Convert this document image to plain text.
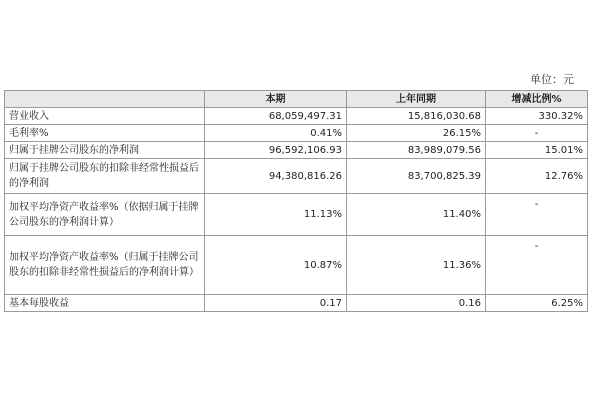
单位：元
	本期	上年同期	增减比例%
营业收入	68,059,497.31	15,816,030.68	330.32%
毛利率%	0.41%	26.15%	-
归属于挂牌公司股东的净利润	96,592,106.93	83,989,079.56	15.01%
归属于挂牌公司股东的扣除非经常性损益后的净利润	94,380,816.26	83,700,825.39	12.76%
加权平均净资产收益率%（依据归属于挂牌公司股东的净利润计算）	11.13%	11.40%	-
加权平均净资产收益率%（归属于挂牌公司股东的扣除非经常性损益后的净利润计算）	10.87%	11.36%	-
基本每股收益	0.17	0.16	6.25%
